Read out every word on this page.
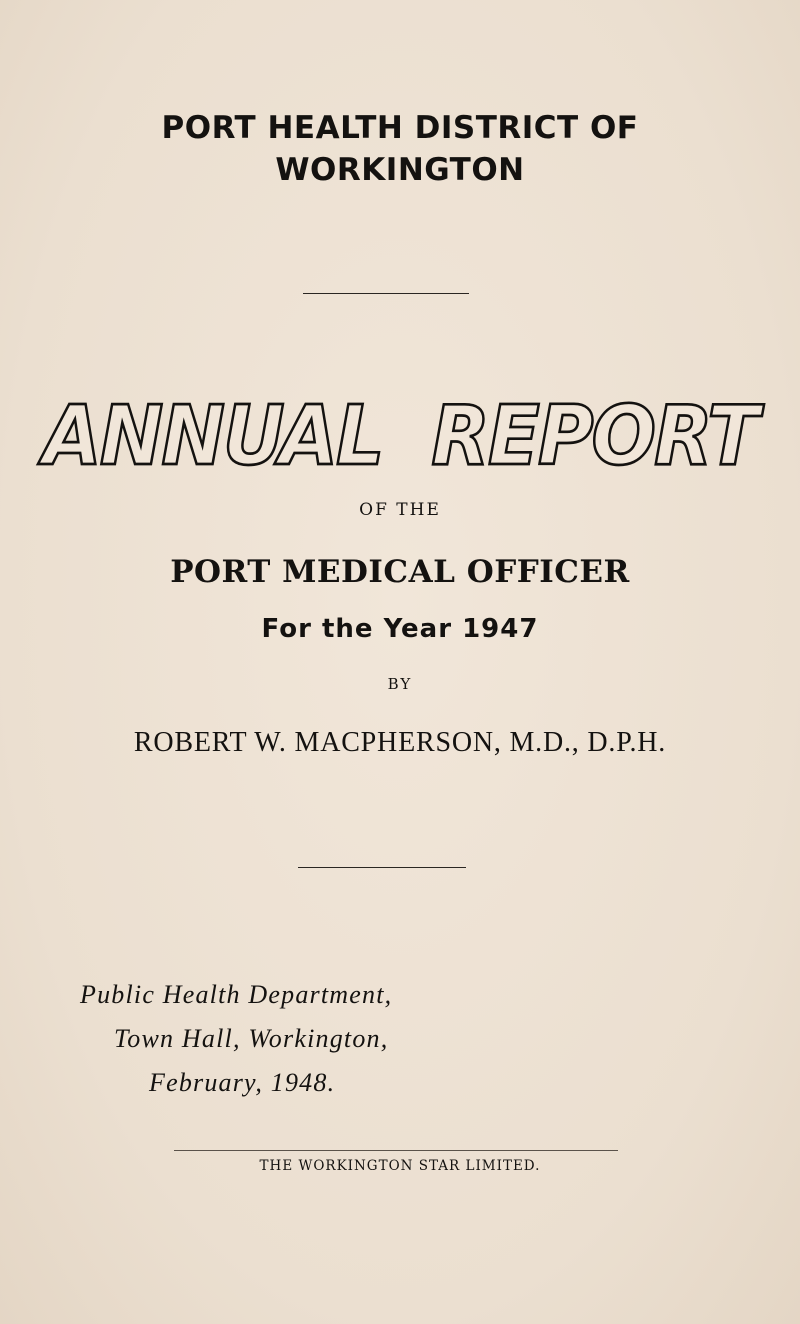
PORT HEALTH DISTRICT OF
WORKINGTON
ANNUAL REPORT
OF THE
PORT MEDICAL OFFICER
For the Year 1947
BY
ROBERT W. MACPHERSON, M.D., D.P.H.
Public Health Department,
Town Hall, Workington,
February, 1948.
THE WORKINGTON STAR LIMITED.
